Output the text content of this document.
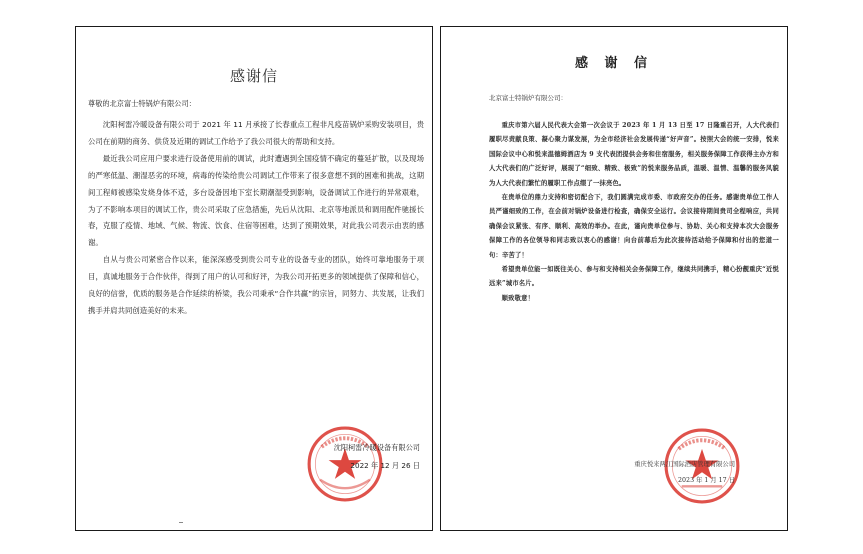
感谢信
尊敬的北京富士特锅炉有限公司：

沈阳柯雷冷暖设备有限公司于 2021 年 11 月承接了长春重点工程非凡疫苗锅炉采购安装项目，贵公司在前期的商务、供货及近期的调试工作给予了我公司很大的帮助和支持。

最近我公司应用户要求进行设备使用前的调试，此时遭遇到全国疫情不确定的蔓延扩散，以及现场的严寒低温、潮湿恶劣的环境，病毒的传染给贵公司调试工作带来了很多意想不到的困难和挑战，这期间工程师被感染发烧身体不适，多台设备因地下室长期潮湿受到影响，设备调试工作进行的异常艰难，为了不影响本项目的调试工作，贵公司采取了应急措施，先后从沈阳、北京等地派员和调用配件驰援长春，克服了疫情、地域、气候、物流、饮食、住宿等困难，达到了预期效果，对此我公司表示由衷的感谢。

自从与贵公司紧密合作以来，能深深感受到贵公司专业的设备专业的团队，始终可靠地服务于项目，真诚地服务于合作伙伴，得到了用户的认可和好评，为我公司开拓更多的领域提供了保障和信心，良好的信誉，优质的服务是合作延续的桥梁，我公司秉承“合作共赢”的宗旨，同努力、共发展，让我们携手并肩共同创造美好的未来。

沈阳柯雷冷暖设备有限公司
2022 年 12 月 26 日
感 谢 信
北京富士特锅炉有限公司：

重庆市第六届人民代表大会第一次会议于 2023 年 1 月 13 日至 17 日隆重召开，人大代表们履职尽责献良策、凝心聚力谋发展，为全市经济社会发展传递“好声音”。按照大会的统一安排，悦来国际会议中心和悦来温德姆酒店为 9 支代表团提供会务和住宿服务，相关服务保障工作获得主办方和人大代表们的广泛好评，展现了“细致、精致、极致”的悦来服务品质，温暖、温情、温馨的服务风貌为人大代表们繁忙的履职工作点缀了一抹亮色。

在贵单位的鼎力支持和密切配合下，我们圆满完成市委、市政府交办的任务。感谢贵单位工作人员严谨细致的工作，在会前对锅炉设备进行检查，确保安全运行。会议接待期间贵司全程响应，共同确保会议紧张、有序、顺利、高效的举办。在此，谨向贵单位参与、协助、关心和支持本次大会服务保障工作的各位领导和同志致以衷心的感谢！向台前幕后为此次接待活动给予保障和付出的您道一句：辛苦了！

希望贵单位能一如既往关心、参与和支持相关会务保障工作，继续共同携手，精心扮靓重庆“近悦远来”城市名片。

顺致敬意！

重庆悦来两江国际酒店管理有限公司
2023 年 1 月 17 日
